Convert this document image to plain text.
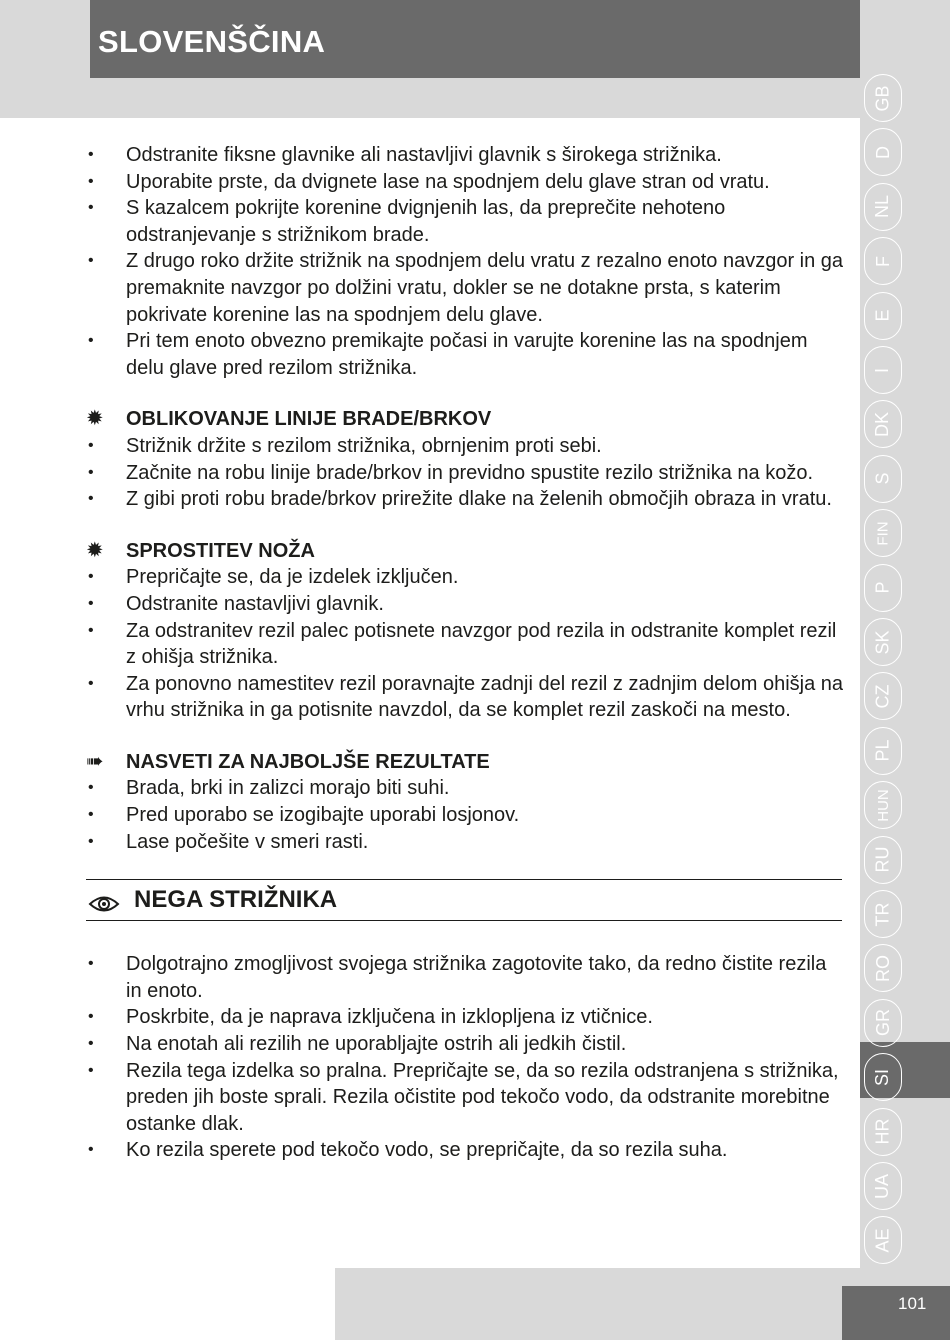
SLOVENŠČINA
GB
D
NL
F
E
I
DK
S
FIN
P
SK
CZ
PL
HUN
RU
TR
RO
GR
SI
HR
UA
AE
101
• Odstranite fiksne glavnike ali nastavljivi glavnik s širokega strižnika.
• Uporabite prste, da dvignete lase na spodnjem delu glave stran od vratu.
• S kazalcem pokrijte korenine dvignjenih las, da preprečite nehoteno odstranjevanje s strižnikom brade.
• Z drugo roko držite strižnik na spodnjem delu vratu z rezalno enoto navzgor in ga premaknite navzgor po dolžini vratu, dokler se ne dotakne prsta, s katerim pokrivate korenine las na spodnjem delu glave.
• Pri tem enoto obvezno premikajte počasi in varujte korenine las na spodnjem delu glave pred rezilom strižnika.
✹ OBLIKOVANJE LINIJE BRADE/BRKOV
• Strižnik držite s rezilom strižnika, obrnjenim proti sebi.
• Začnite na robu linije brade/brkov in previdno spustite rezilo strižnika na kožo.
• Z gibi proti robu brade/brkov prirežite dlake na želenih območjih obraza in vratu.
✹ SPROSTITEV NOŽA
• Prepričajte se, da je izdelek izključen.
• Odstranite nastavljivi glavnik.
• Za odstranitev rezil palec potisnete navzgor pod rezila in odstranite komplet rezil z ohišja strižnika.
• Za ponovno namestitev rezil poravnajte zadnji del rezil z zadnjim delom ohišja na vrhu strižnika in ga potisnite navzdol, da se komplet rezil zaskoči na mesto.
➠ NASVETI ZA NAJBOLJŠE REZULTATE
• Brada, brki in zalizci morajo biti suhi.
• Pred uporabo se izogibajte uporabi losjonov.
• Lase počešite v smeri rasti.
NEGA STRIŽNIKA
• Dolgotrajno zmogljivost svojega strižnika zagotovite tako, da redno čistite rezila in enoto.
• Poskrbite, da je naprava izključena in izklopljena iz vtičnice.
• Na enotah ali rezilih ne uporabljajte ostrih ali jedkih čistil.
• Rezila tega izdelka so pralna. Prepričajte se, da so rezila odstranjena s strižnika, preden jih boste sprali. Rezila očistite pod tekočo vodo, da odstranite morebitne ostanke dlak.
• Ko rezila sperete pod tekočo vodo, se prepričajte, da so rezila suha.
